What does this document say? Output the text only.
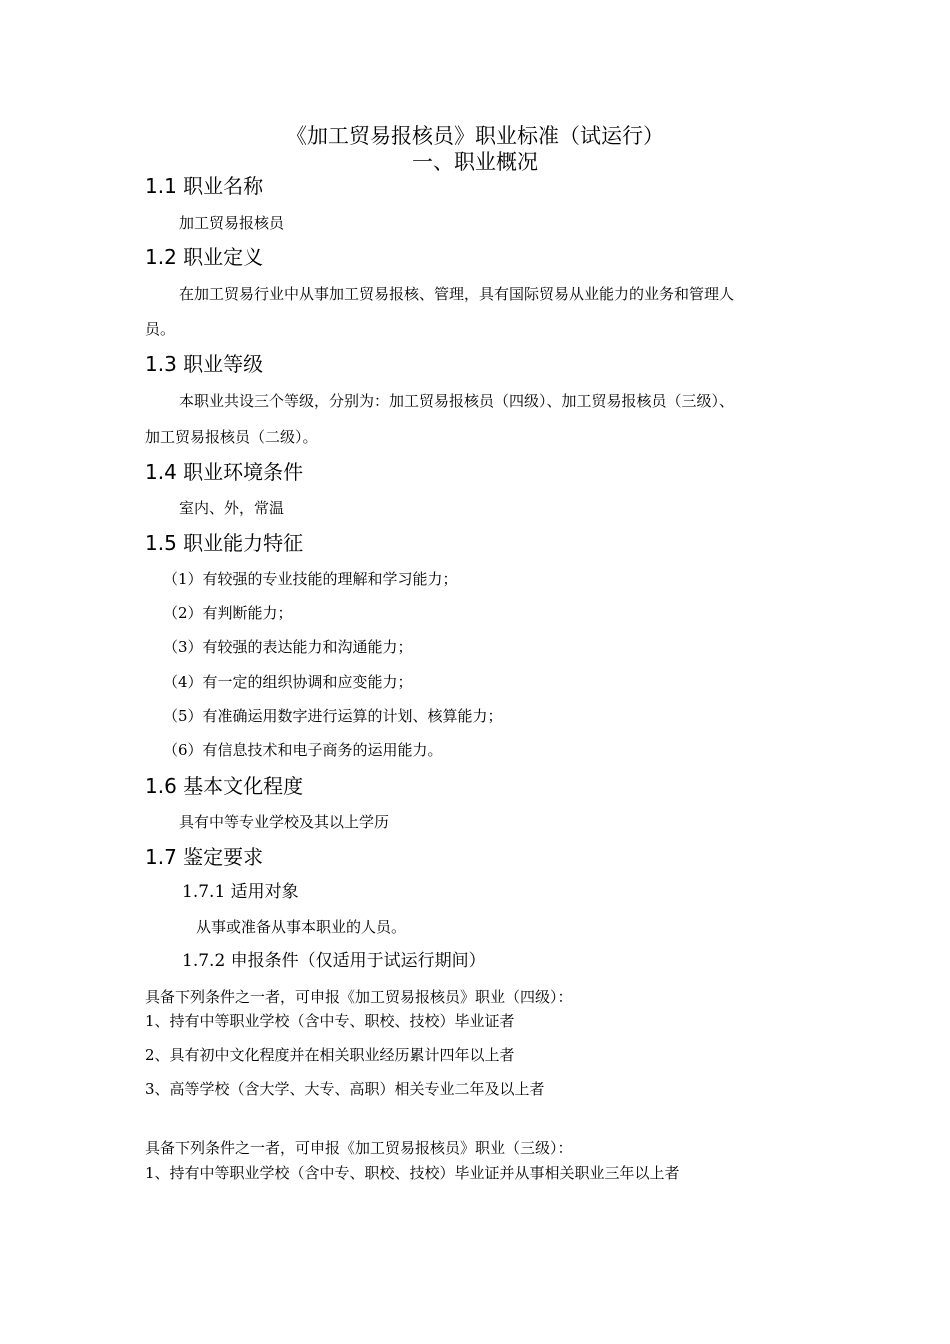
《加工贸易报核员》职业标准（试运行）
一、职业概况
1.1 职业名称
加工贸易报核员
1.2 职业定义
在加工贸易行业中从事加工贸易报核、管理，具有国际贸易从业能力的业务和管理人
员。
1.3 职业等级
本职业共设三个等级，分别为：加工贸易报核员（四级）、加工贸易报核员（三级）、
加工贸易报核员（二级）。
1.4 职业环境条件
室内、外，常温
1.5 职业能力特征
（1）有较强的专业技能的理解和学习能力；
（2）有判断能力；
（3）有较强的表达能力和沟通能力；
（4）有一定的组织协调和应变能力；
（5）有准确运用数字进行运算的计划、核算能力；
（6）有信息技术和电子商务的运用能力。
1.6 基本文化程度
具有中等专业学校及其以上学历
1.7 鉴定要求
1.7.1 适用对象
从事或准备从事本职业的人员。
1.7.2 申报条件（仅适用于试运行期间）
具备下列条件之一者，可申报《加工贸易报核员》职业（四级）：
1、持有中等职业学校（含中专、职校、技校）毕业证者
2、具有初中文化程度并在相关职业经历累计四年以上者
3、高等学校（含大学、大专、高职）相关专业二年及以上者
具备下列条件之一者，可申报《加工贸易报核员》职业（三级）：
1、持有中等职业学校（含中专、职校、技校）毕业证并从事相关职业三年以上者
